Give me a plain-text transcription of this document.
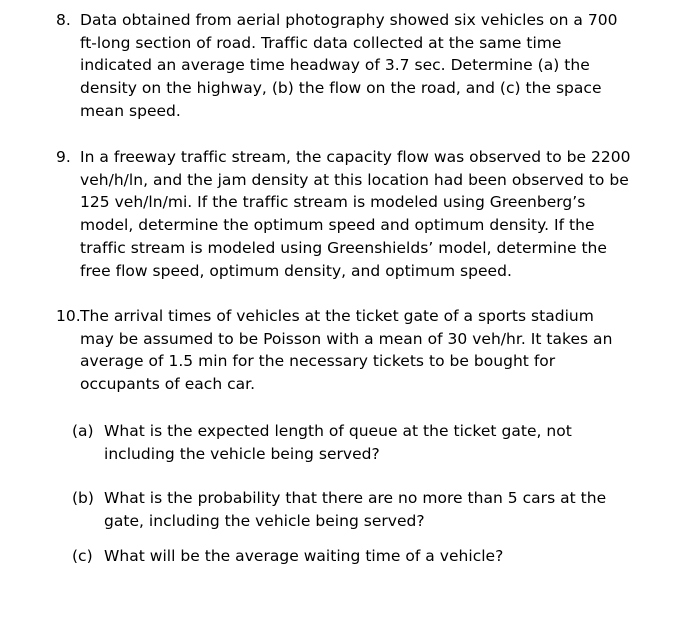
8. Data obtained from aerial photography showed six vehicles on a 700
ft-long section of road. Traffic data collected at the same time
indicated an average time headway of 3.7 sec. Determine (a) the
density on the highway, (b) the flow on the road, and (c) the space
mean speed.
9. In a freeway traffic stream, the capacity flow was observed to be 2200
veh/h/ln, and the jam density at this location had been observed to be
125 veh/ln/mi. If the traffic stream is modeled using Greenberg’s
model, determine the optimum speed and optimum density. If the
traffic stream is modeled using Greenshields’ model, determine the
free flow speed, optimum density, and optimum speed.
10. The arrival times of vehicles at the ticket gate of a sports stadium
may be assumed to be Poisson with a mean of 30 veh/hr. It takes an
average of 1.5 min for the necessary tickets to be bought for
occupants of each car.
(a) What is the expected length of queue at the ticket gate, not
including the vehicle being served?
(b) What is the probability that there are no more than 5 cars at the
gate, including the vehicle being served?
(c) What will be the average waiting time of a vehicle?
